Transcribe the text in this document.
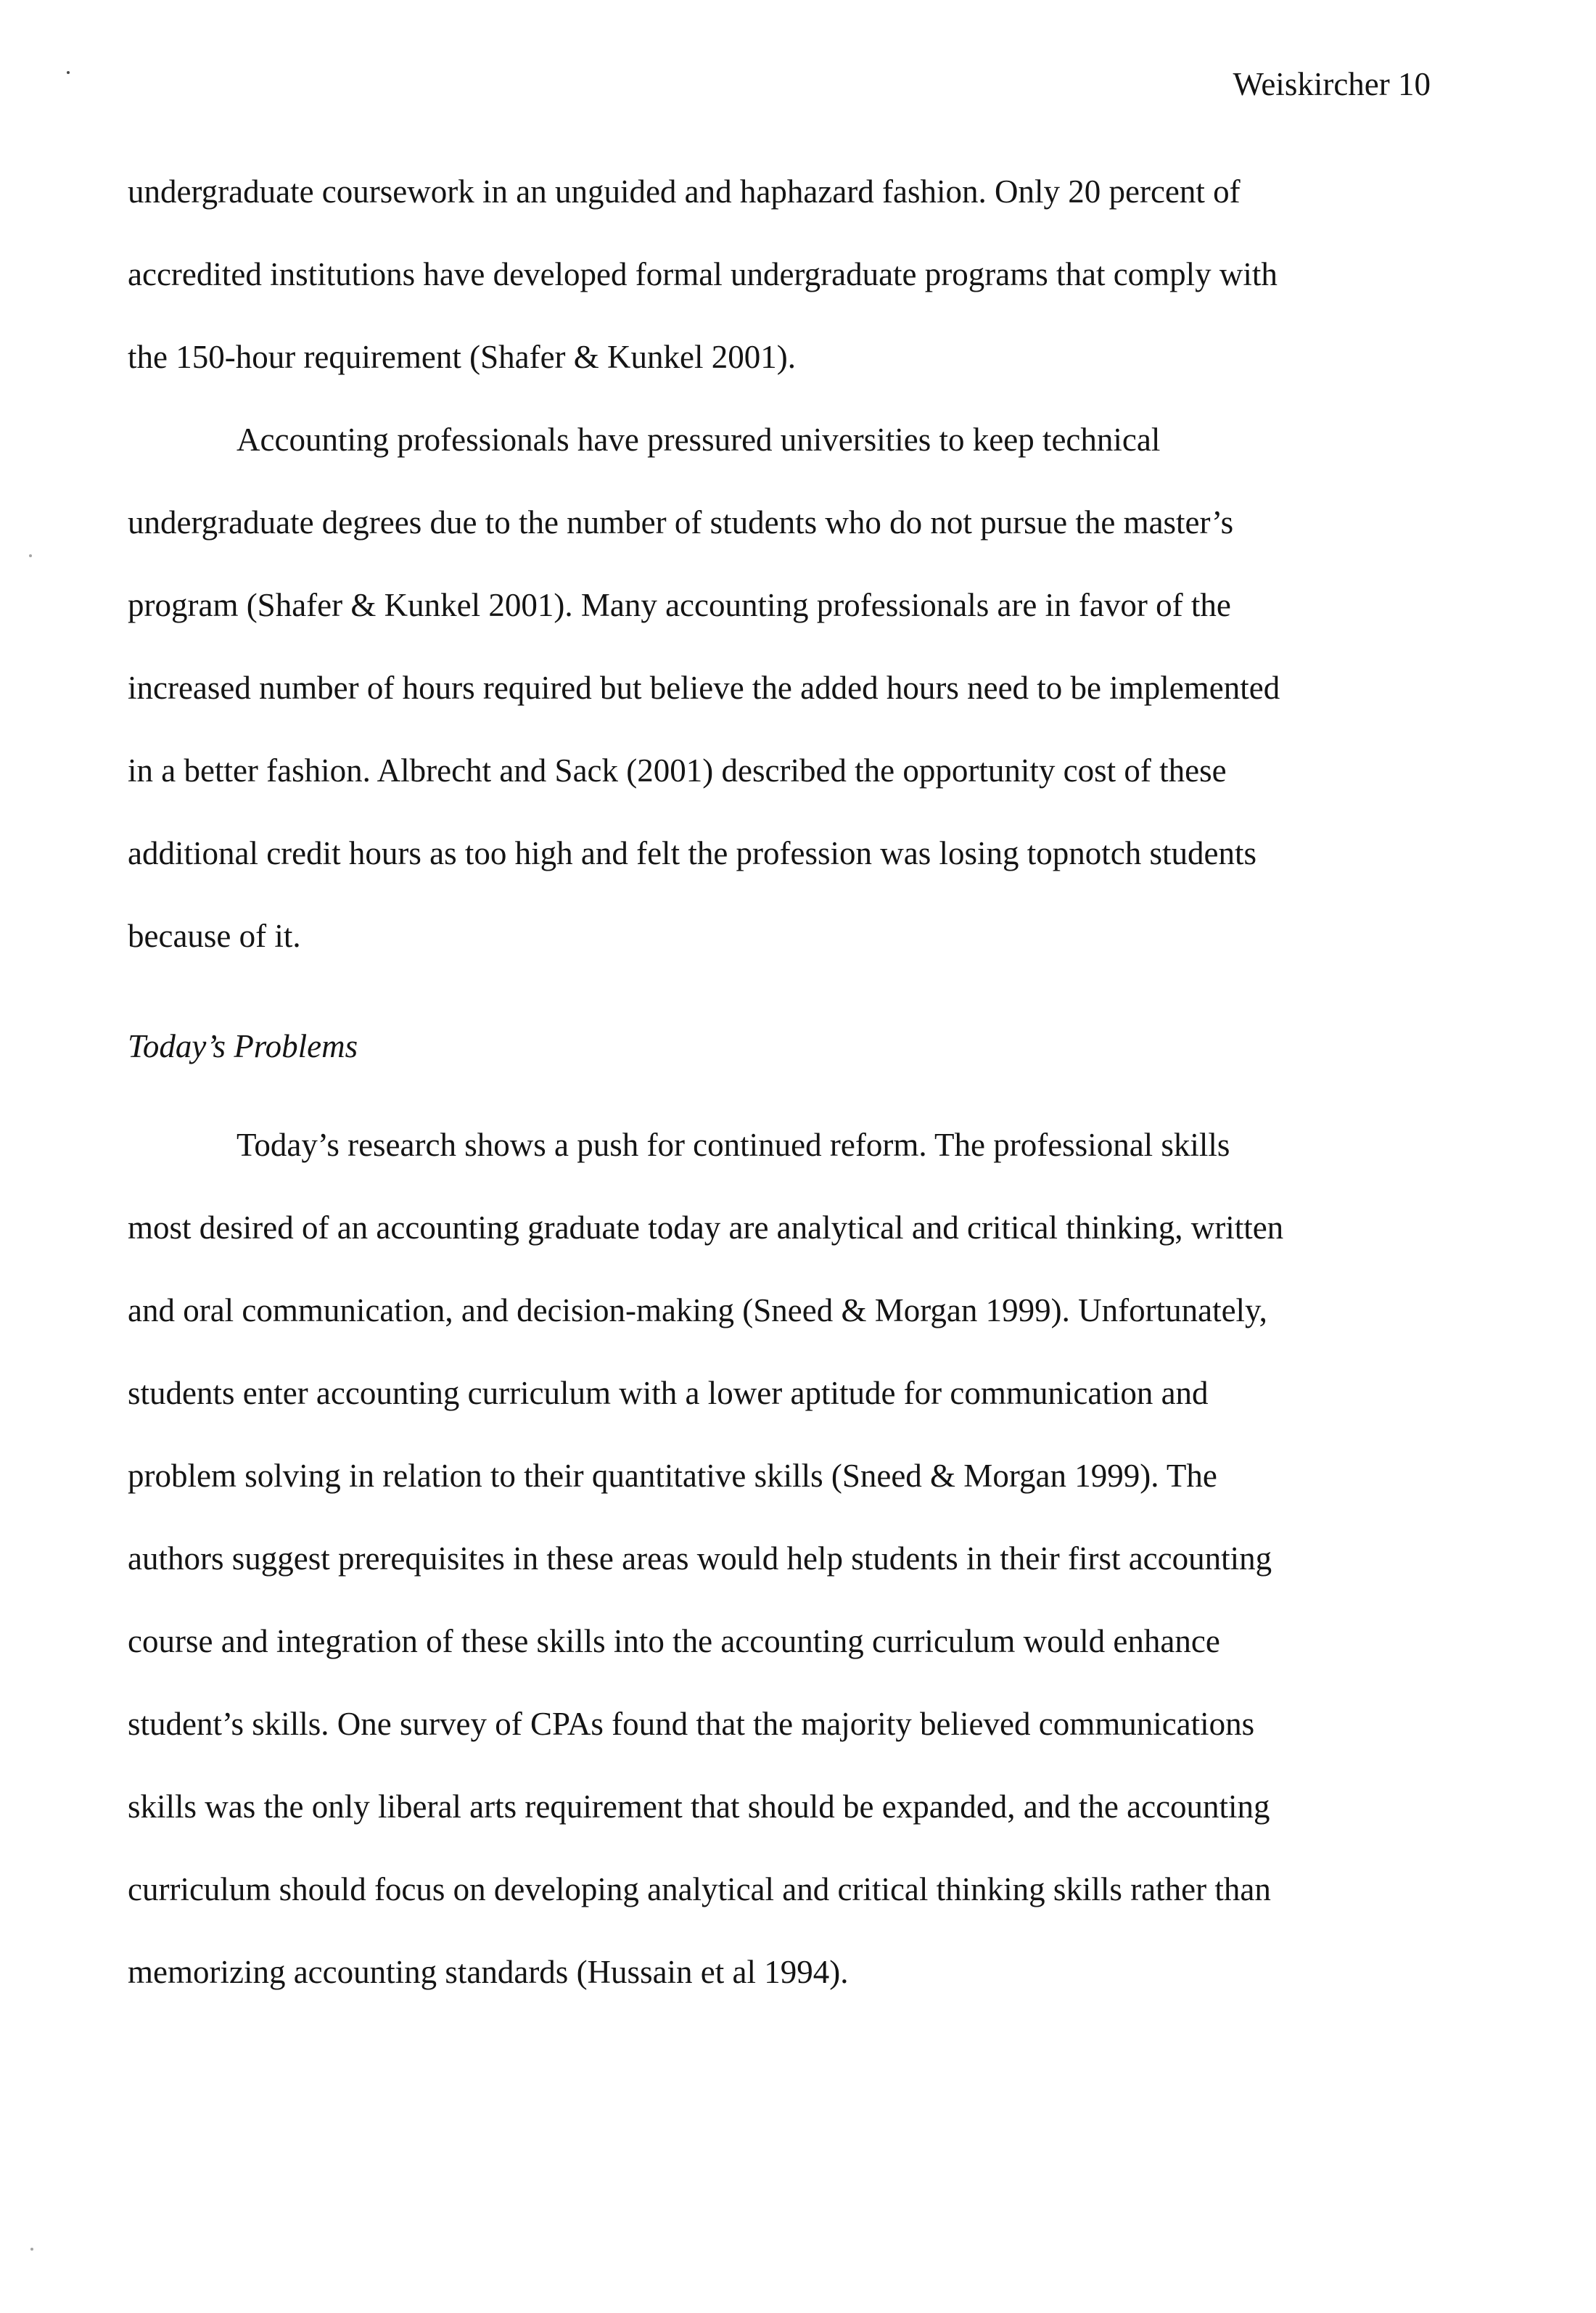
Weiskircher 10
undergraduate coursework in an unguided and haphazard fashion. Only 20 percent of
accredited institutions have developed formal undergraduate programs that comply with
the 150-hour requirement (Shafer & Kunkel 2001).
Accounting professionals have pressured universities to keep technical
undergraduate degrees due to the number of students who do not pursue the master’s
program (Shafer & Kunkel 2001). Many accounting professionals are in favor of the
increased number of hours required but believe the added hours need to be implemented
in a better fashion. Albrecht and Sack (2001) described the opportunity cost of these
additional credit hours as too high and felt the profession was losing topnotch students
because of it.
Today’s Problems
Today’s research shows a push for continued reform. The professional skills
most desired of an accounting graduate today are analytical and critical thinking, written
and oral communication, and decision-making (Sneed & Morgan 1999). Unfortunately,
students enter accounting curriculum with a lower aptitude for communication and
problem solving in relation to their quantitative skills (Sneed & Morgan 1999). The
authors suggest prerequisites in these areas would help students in their first accounting
course and integration of these skills into the accounting curriculum would enhance
student’s skills. One survey of CPAs found that the majority believed communications
skills was the only liberal arts requirement that should be expanded, and the accounting
curriculum should focus on developing analytical and critical thinking skills rather than
memorizing accounting standards (Hussain et al 1994).
